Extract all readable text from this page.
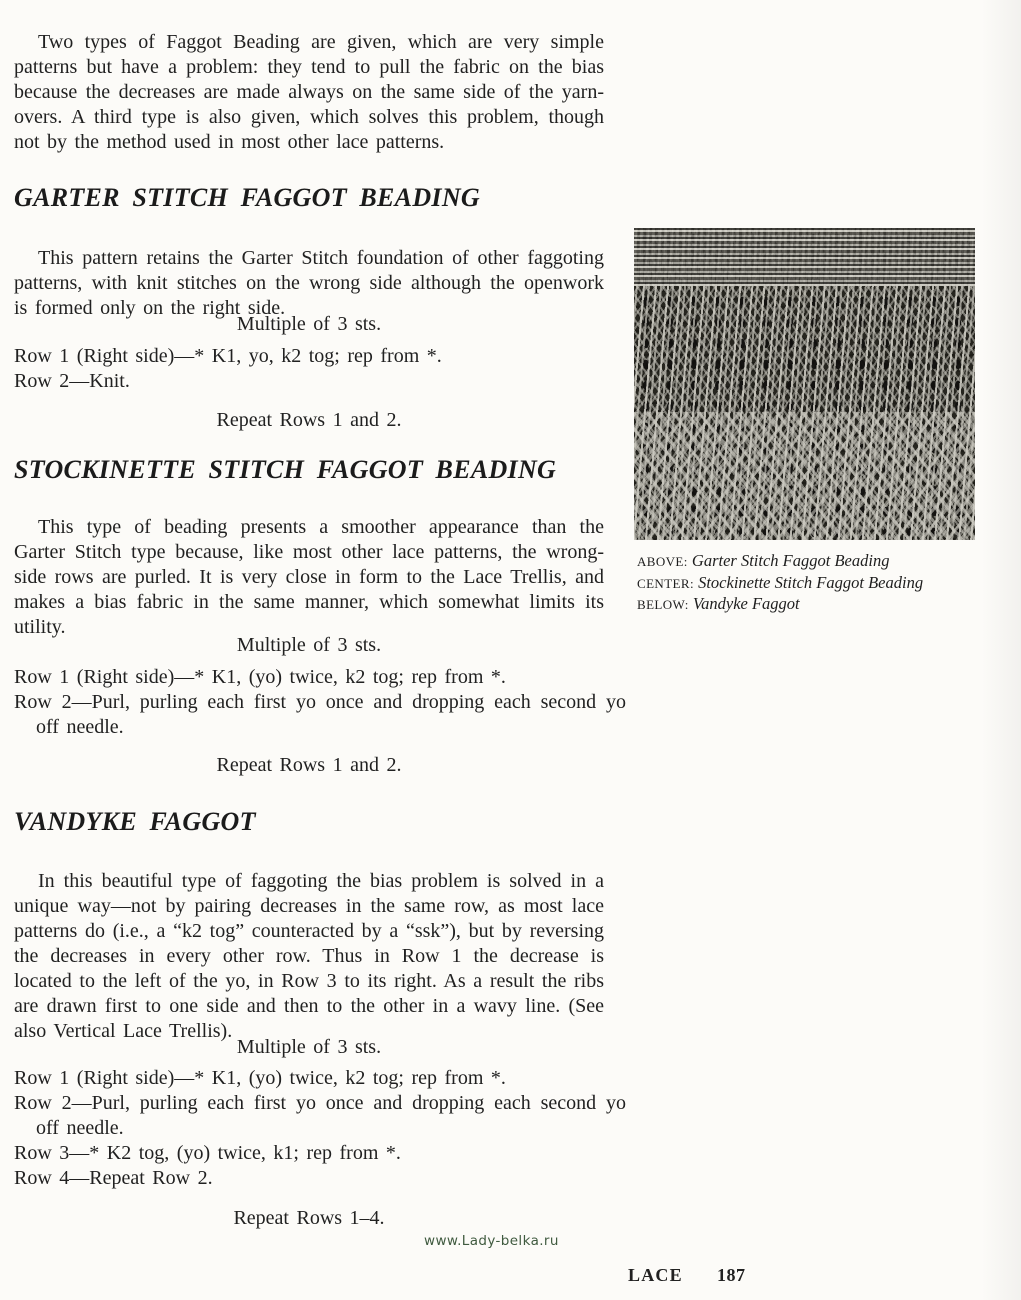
Two types of Faggot Beading are given, which are very simple patterns but have a problem: they tend to pull the fabric on the bias because the decreases are made always on the same side of the yarn-overs. A third type is also given, which solves this problem, though not by the method used in most other lace patterns.

GARTER STITCH FAGGOT BEADING

This pattern retains the Garter Stitch foundation of other faggoting patterns, with knit stitches on the wrong side although the openwork is formed only on the right side.

Multiple of 3 sts.
Row 1 (Right side)—* K1, yo, k2 tog; rep from *.
Row 2—Knit.
Repeat Rows 1 and 2.
STOCKINETTE STITCH FAGGOT BEADING

This type of beading presents a smoother appearance than the Garter Stitch type because, like most other lace patterns, the wrong-side rows are purled. It is very close in form to the Lace Trellis, and makes a bias fabric in the same manner, which somewhat limits its utility.

Multiple of 3 sts.
Row 1 (Right side)—* K1, (yo) twice, k2 tog; rep from *.
Row 2—Purl, purling each first yo once and dropping each second yo off needle.
Repeat Rows 1 and 2.
VANDYKE FAGGOT

In this beautiful type of faggoting the bias problem is solved in a unique way—not by pairing decreases in the same row, as most lace patterns do (i.e., a “k2 tog” counteracted by a “ssk”), but by reversing the decreases in every other row. Thus in Row 1 the decrease is located to the left of the yo, in Row 3 to its right. As a result the ribs are drawn first to one side and then to the other in a wavy line. (See also Vertical Lace Trellis).

Multiple of 3 sts.
Row 1 (Right side)—* K1, (yo) twice, k2 tog; rep from *.
Row 2—Purl, purling each first yo once and dropping each second yo off needle.
Row 3—* K2 tog, (yo) twice, k1; rep from *.
Row 4—Repeat Row 2.
Repeat Rows 1–4.
ABOVE: Garter Stitch Faggot Beading
CENTER: Stockinette Stitch Faggot Beading
BELOW: Vandyke Faggot
www.Lady-belka.ru
LACE 187
